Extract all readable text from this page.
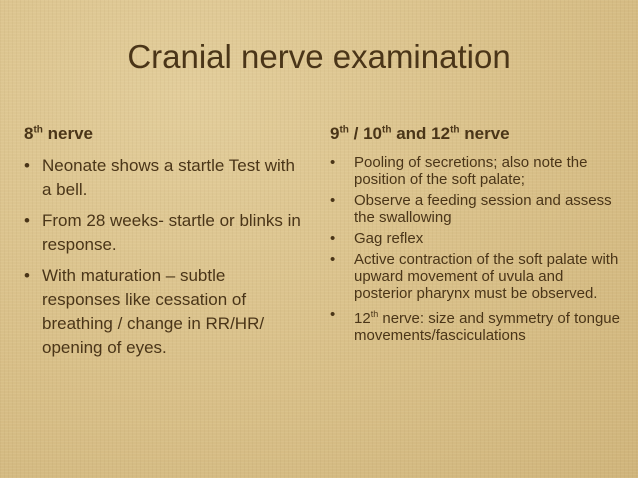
Cranial nerve examination
8th nerve
• Neonate shows a startle Test with a bell.
• From 28 weeks- startle or blinks in response.
• With maturation – subtle responses like cessation of breathing / change in RR/HR/ opening of eyes.
9th / 10th and 12th nerve
• Pooling of secretions; also note the position of the soft palate;
• Observe a feeding session and assess the swallowing
• Gag reflex
• Active contraction of the soft palate with upward movement of uvula and posterior pharynx must be observed.
• 12th nerve: size and symmetry of tongue movements/fasciculations
